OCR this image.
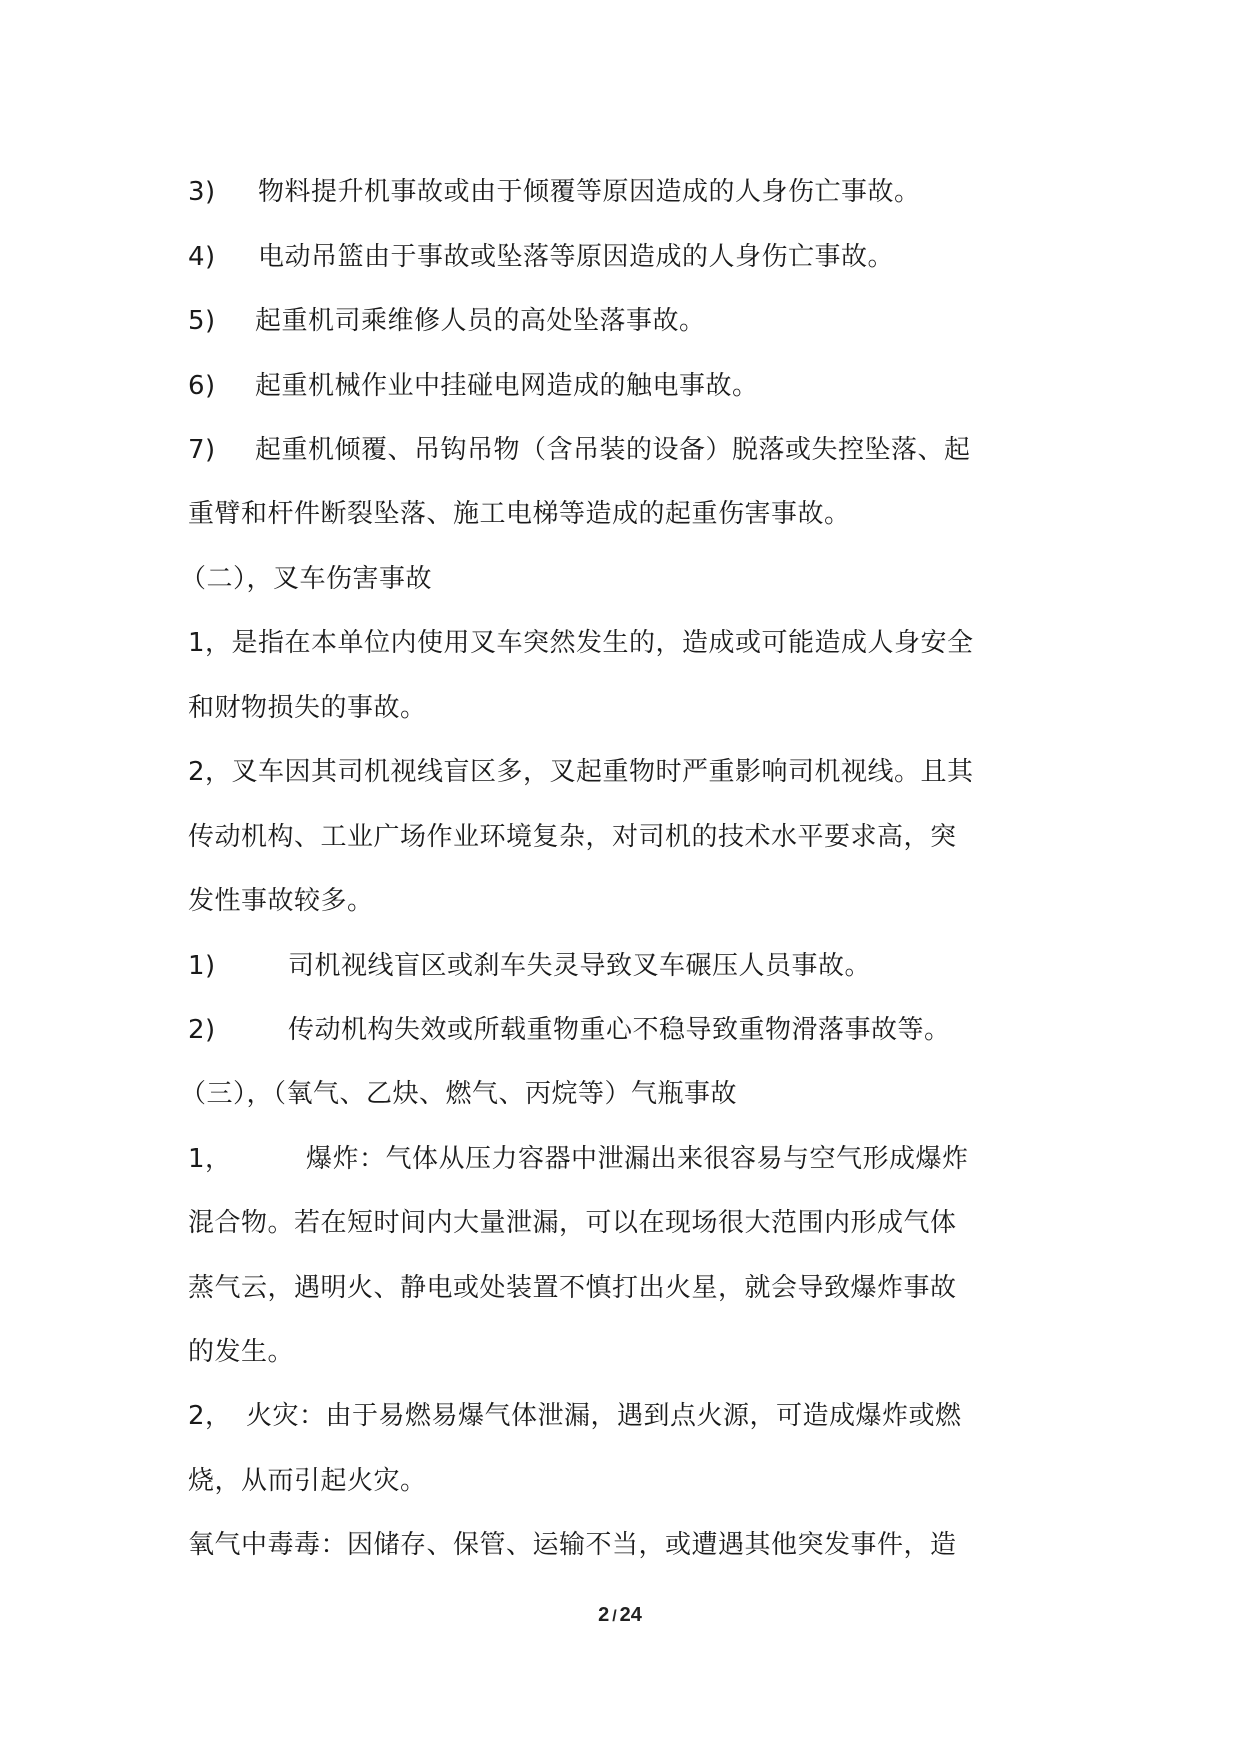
3) 物料提升机事故或由于倾覆等原因造成的人身伤亡事故。
4) 电动吊篮由于事故或坠落等原因造成的人身伤亡事故。
5) 起重机司乘维修人员的高处坠落事故。
6) 起重机械作业中挂碰电网造成的触电事故。
7) 起重机倾覆、吊钩吊物（含吊装的设备）脱落或失控坠落、起
重臂和杆件断裂坠落、施工电梯等造成的起重伤害事故。
（二），叉车伤害事故
1，是指在本单位内使用叉车突然发生的，造成或可能造成人身安全
和财物损失的事故。
2，叉车因其司机视线盲区多，叉起重物时严重影响司机视线。且其
传动机构、工业广场作业环境复杂，对司机的技术水平要求高，突
发性事故较多。
1)	司机视线盲区或刹车失灵导致叉车碾压人员事故。
2)	传动机构失效或所载重物重心不稳导致重物滑落事故等。
（三），（氧气、乙炔、燃气、丙烷等）气瓶事故
1，	爆炸：气体从压力容器中泄漏出来很容易与空气形成爆炸
混合物。若在短时间内大量泄漏，可以在现场很大范围内形成气体
蒸气云，遇明火、静电或处装置不慎打出火星，就会导致爆炸事故
的发生。
2， 火灾：由于易燃易爆气体泄漏，遇到点火源，可造成爆炸或燃
烧，从而引起火灾。
氧气中毒毒：因储存、保管、运输不当，或遭遇其他突发事件，造
2 / 24
